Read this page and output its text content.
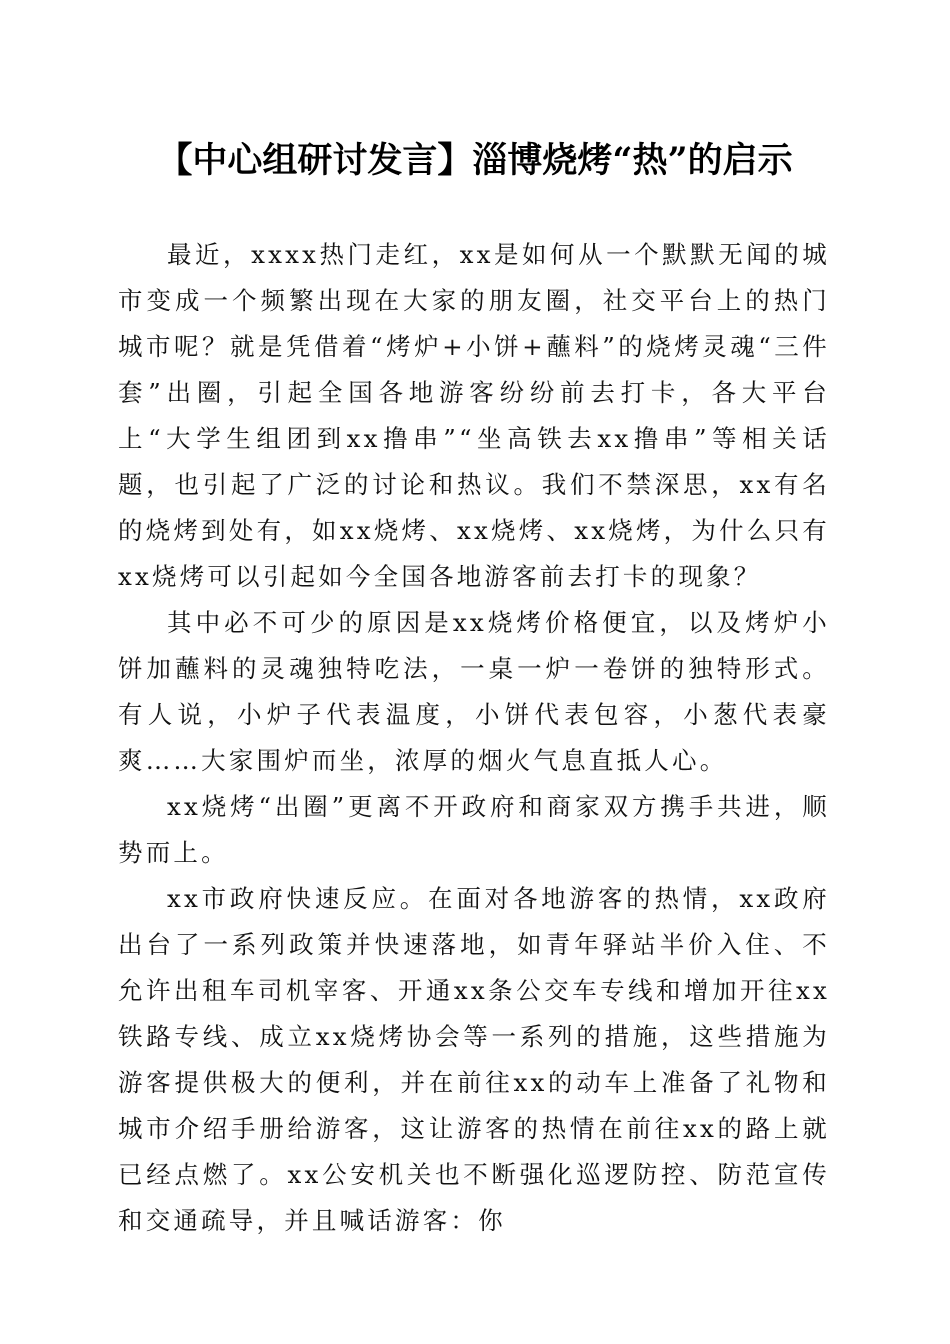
【中心组研讨发言】淄博烧烤“热”的启示

最近，xxxx热门走红，xx是如何从一个默默无闻的城市变成一个频繁出现在大家的朋友圈，社交平台上的热门城市呢？就是凭借着“烤炉+小饼+蘸料”的烧烤灵魂“三件套”出圈，引起全国各地游客纷纷前去打卡，各大平台上“大学生组团到xx撸串”“坐高铁去xx撸串”等相关话题，也引起了广泛的讨论和热议。我们不禁深思，xx有名的烧烤到处有，如xx烧烤、xx烧烤、xx烧烤，为什么只有xx烧烤可以引起如今全国各地游客前去打卡的现象？

其中必不可少的原因是xx烧烤价格便宜，以及烤炉小饼加蘸料的灵魂独特吃法，一桌一炉一卷饼的独特形式。有人说，小炉子代表温度，小饼代表包容，小葱代表豪爽……大家围炉而坐，浓厚的烟火气息直抵人心。

xx烧烤“出圈”更离不开政府和商家双方携手共进，顺势而上。

xx市政府快速反应。在面对各地游客的热情，xx政府出台了一系列政策并快速落地，如青年驿站半价入住、不允许出租车司机宰客、开通xx条公交车专线和增加开往xx铁路专线、成立xx烧烤协会等一系列的措施，这些措施为游客提供极大的便利，并在前往xx的动车上准备了礼物和城市介绍手册给游客，这让游客的热情在前往xx的路上就已经点燃了。xx公安机关也不断强化巡逻防控、防范宣传和交通疏导，并且喊话游客：你
